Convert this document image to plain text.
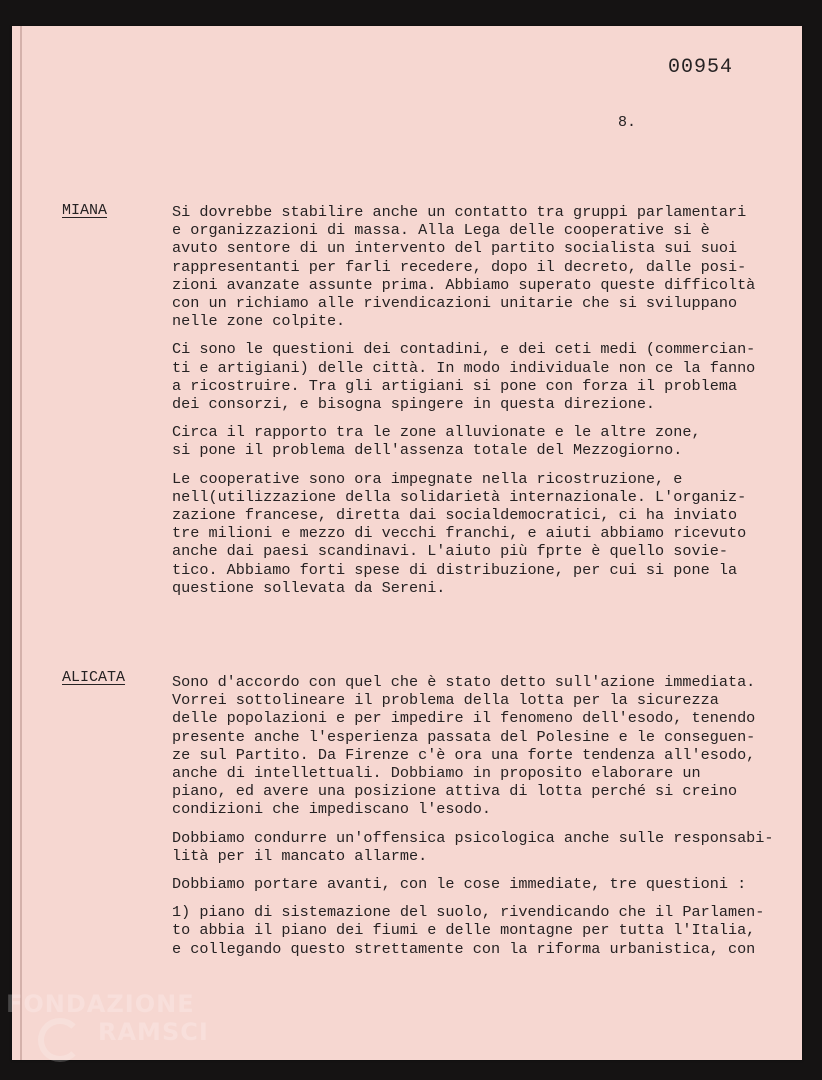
00954
8.
MIANA	Si dovrebbe stabilire anche un contatto tra gruppi parlamentari
e organizzazioni di massa. Alla Lega delle cooperative si è
avuto sentore di un intervento del partito socialista sui suoi
rappresentanti per farli recedere, dopo il decreto, dalle posi-
zioni avanzate assunte prima. Abbiamo superato queste difficoltà
con un richiamo alle rivendicazioni unitarie che si sviluppano
nelle zone colpite.

Ci sono le questioni dei contadini, e dei ceti medi (commercian-
ti e artigiani) delle città. In modo individuale non ce la fanno
a ricostruire. Tra gli artigiani si pone con forza il problema
dei consorzi, e bisogna spingere in questa direzione.

Circa il rapporto tra le zone alluvionate e le altre zone,
si pone il problema dell'assenza totale del Mezzogiorno.

Le cooperative sono ora impegnate nella ricostruzione, e
nell(utilizzazione della solidarietà internazionale. L'organiz-
zazione francese, diretta dai socialdemocratici, ci ha inviato
tre milioni e mezzo di vecchi franchi, e aiuti abbiamo ricevuto
anche dai paesi scandinavi. L'aiuto più fprte è quello sovie-
tico. Abbiamo forti spese di distribuzione, per cui si pone la
questione sollevata da Sereni.

ALICATA	Sono d'accordo con quel che è stato detto sull'azione immediata.
Vorrei sottolineare il problema della lotta per la sicurezza
delle popolazioni e per impedire il fenomeno dell'esodo, tenendo
presente anche l'esperienza passata del Polesine e le conseguen-
ze sul Partito. Da Firenze c'è ora una forte tendenza all'esodo,
anche di intellettuali. Dobbiamo in proposito elaborare un
piano, ed avere una posizione attiva di lotta perché si creino
condizioni che impediscano l'esodo.

Dobbiamo condurre un'offensica psicologica anche sulle responsabi-
lità per il mancato allarme.

Dobbiamo portare avanti, con le cose immediate, tre questioni :

1) piano di sistemazione del suolo, rivendicando che il Parlamen-
to abbia il piano dei fiumi e delle montagne per tutta l'Italia,
e collegando questo strettamente con la riforma urbanistica, con

FONDAZIONE
RAMSCI
